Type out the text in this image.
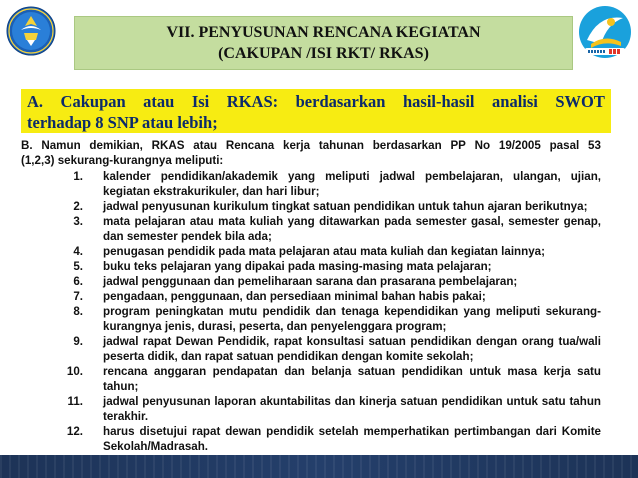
VII. PENYUSUNAN RENCANA KEGIATAN
(CAKUPAN /ISI RKT/ RKAS)
A. Cakupan atau Isi RKAS: berdasarkan hasil-hasil analisi SWOT
terhadap 8 SNP atau lebih;
B. Namun demikian, RKAS atau Rencana kerja tahunan berdasarkan PP No 19/2005 pasal 53
(1,2,3) sekurang-kurangnya meliputi:
1.	kalender pendidikan/akademik yang meliputi jadwal pembelajaran, ulangan, ujian, kegiatan ekstrakurikuler, dan hari libur;
2.	jadwal penyusunan kurikulum tingkat satuan pendidikan untuk tahun ajaran berikutnya;
3.	mata pelajaran atau mata kuliah yang ditawarkan pada semester gasal, semester genap, dan semester pendek bila ada;
4.	penugasan pendidik pada mata pelajaran atau mata kuliah dan kegiatan lainnya;
5.	buku teks pelajaran yang dipakai pada masing-masing mata pelajaran;
6.	jadwal penggunaan dan pemeliharaan sarana dan prasarana pembelajaran;
7.	pengadaan, penggunaan, dan persediaan minimal bahan habis pakai;
8.	program peningkatan mutu pendidik dan tenaga kependidikan yang meliputi sekurang-kurangnya jenis, durasi, peserta, dan penyelenggara program;
9.	jadwal rapat Dewan Pendidik, rapat konsultasi satuan pendidikan dengan orang tua/wali peserta didik, dan rapat satuan pendidikan dengan komite sekolah;
10.	rencana anggaran pendapatan dan belanja satuan pendidikan untuk masa kerja satu tahun;
11.	jadwal penyusunan laporan akuntabilitas dan kinerja satuan pendidikan untuk satu tahun terakhir.
12.	harus disetujui rapat dewan pendidik setelah memperhatikan pertimbangan dari Komite Sekolah/Madrasah.
